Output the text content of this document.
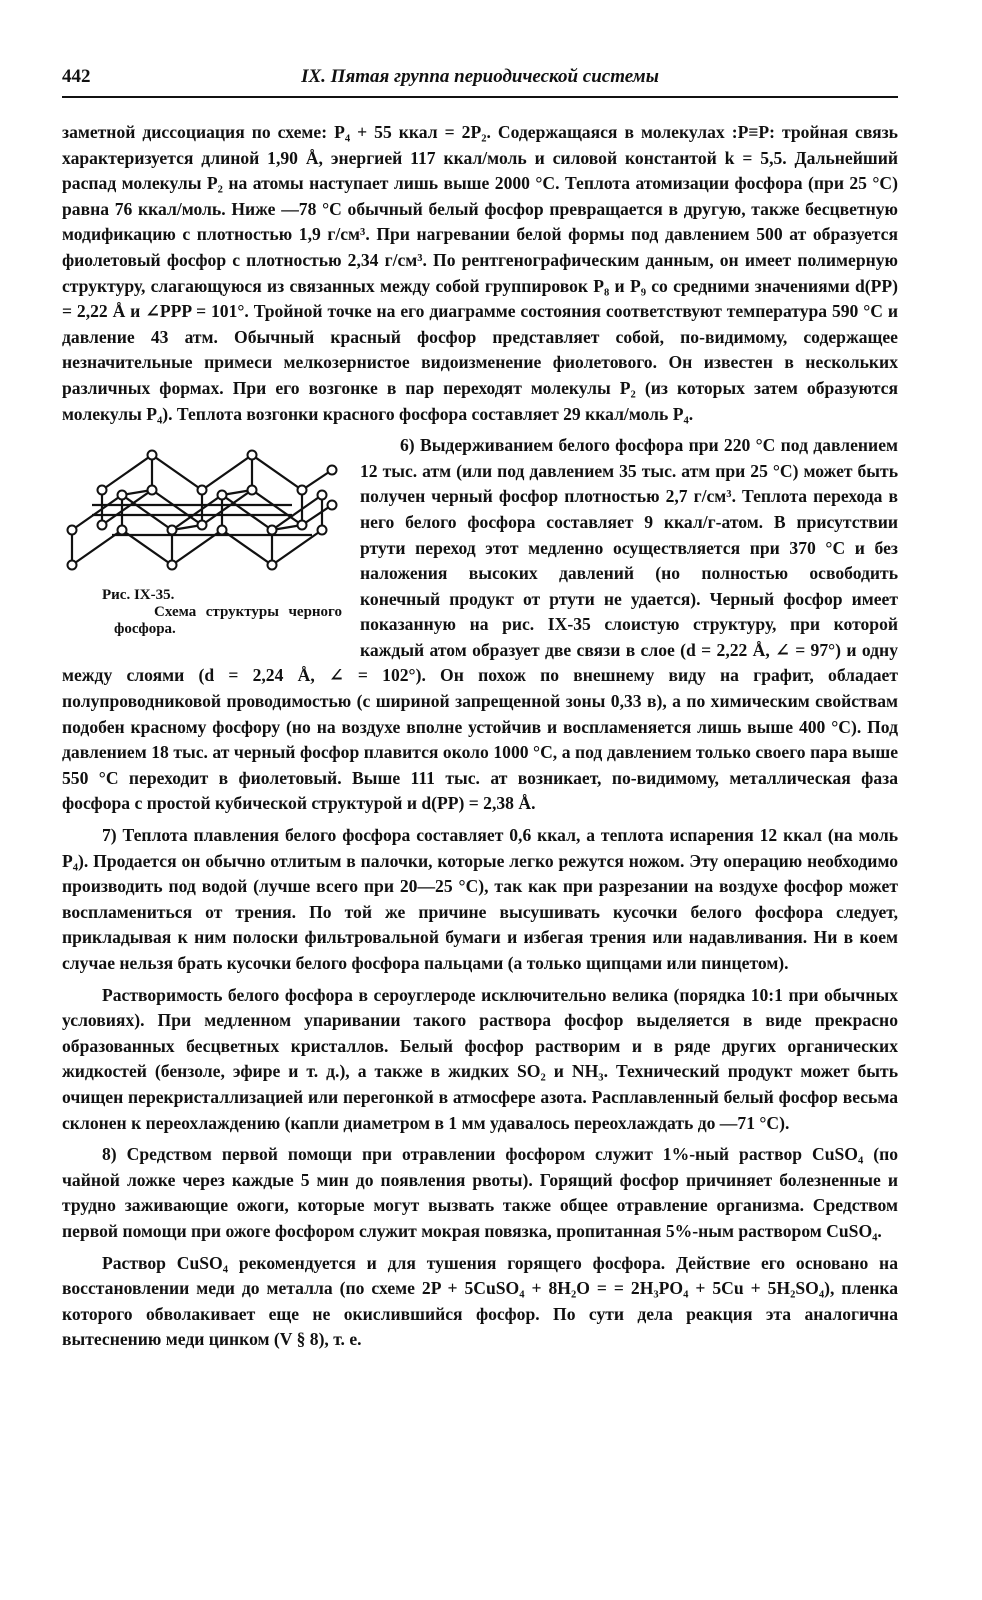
442	IX. Пятая группа периодической системы

заметной диссоциация по схеме: P₄ + 55 ккал = 2P₂. Содержащаяся в молекулах :P≡P: тройная связь характеризуется длиной 1,90 Å, энергией 117 ккал/моль и силовой константой k = 5,5. Дальнейший распад молекулы P₂ на атомы наступает лишь выше 2000 °C. Теплота атомизации фосфора (при 25 °C) равна 76 ккал/моль. Ниже —78 °C обычный белый фосфор превращается в другую, также бесцветную модификацию с плотностью 1,9 г/см³. При нагревании белой формы под давлением 500 ат образуется фиолетовый фосфор с плотностью 2,34 г/см³. По рентгенографическим данным, он имеет полимерную структуру, слагающуюся из связанных между собой группировок P₈ и P₉ со средними значениями d(PP) = 2,22 Å и ∠PPP = 101°. Тройной точке на его диаграмме состояния соответствуют температура 590 °C и давление 43 атм. Обычный красный фосфор представляет собой, по-видимому, содержащее незначительные примеси мелкозернистое видоизменение фиолетового. Он известен в нескольких различных формах. При его возгонке в пар переходят молекулы P₂ (из которых затем образуются молекулы P₄). Теплота возгонки красного фосфора составляет 29 ккал/моль P₄.

Рис. IX-35.
Схема структуры черного фосфора.
6) Выдерживанием белого фосфора при 220 °C под давлением 12 тыс. атм (или под давлением 35 тыс. атм при 25 °C) может быть получен черный фосфор плотностью 2,7 г/см³. Теплота перехода в него белого фосфора составляет 9 ккал/г-атом. В присутствии ртути переход этот медленно осуществляется при 370 °C и без наложения высоких давлений (но полностью освободить конечный продукт от ртути не удается). Черный фосфор имеет показанную на рис. IX-35 слоистую структуру, при которой каждый атом образует две связи в слое (d = 2,22 Å, ∠ = 97°) и одну между слоями (d = 2,24 Å, ∠ = 102°). Он похож по внешнему виду на графит, обладает полупроводниковой проводимостью (с шириной запрещенной зоны 0,33 в), а по химическим свойствам подобен красному фосфору (но на воздухе вполне устойчив и воспламеняется лишь выше 400 °C). Под давлением 18 тыс. ат черный фосфор плавится около 1000 °C, а под давлением только своего пара выше 550 °C переходит в фиолетовый. Выше 111 тыс. ат возникает, по-видимому, металлическая фаза фосфора с простой кубической структурой и d(PP) = 2,38 Å.

7) Теплота плавления белого фосфора составляет 0,6 ккал, а теплота испарения 12 ккал (на моль P₄). Продается он обычно отлитым в палочки, которые легко режутся ножом. Эту операцию необходимо производить под водой (лучше всего при 20—25 °C), так как при разрезании на воздухе фосфор может воспламениться от трения. По той же причине высушивать кусочки белого фосфора следует, прикладывая к ним полоски фильтровальной бумаги и избегая трения или надавливания. Ни в коем случае нельзя брать кусочки белого фосфора пальцами (а только щипцами или пинцетом).

Растворимость белого фосфора в сероуглероде исключительно велика (порядка 10:1 при обычных условиях). При медленном упаривании такого раствора фосфор выделяется в виде прекрасно образованных бесцветных кристаллов. Белый фосфор растворим и в ряде других органических жидкостей (бензоле, эфире и т. д.), а также в жидких SO₂ и NH₃. Технический продукт может быть очищен перекристаллизацией или перегонкой в атмосфере азота. Расплавленный белый фосфор весьма склонен к переохлаждению (капли диаметром в 1 мм удавалось переохлаждать до —71 °C).

8) Средством первой помощи при отравлении фосфором служит 1%-ный раствор CuSO₄ (по чайной ложке через каждые 5 мин до появления рвоты). Горящий фосфор причиняет болезненные и трудно заживающие ожоги, которые могут вызвать также общее отравление организма. Средством первой помощи при ожоге фосфором служит мокрая повязка, пропитанная 5%-ным раствором CuSO₄.

Раствор CuSO₄ рекомендуется и для тушения горящего фосфора. Действие его основано на восстановлении меди до металла (по схеме 2P + 5CuSO₄ + 8H₂O = = 2H₃PO₄ + 5Cu + 5H₂SO₄), пленка которого обволакивает еще не окислившийся фосфор. По сути дела реакция эта аналогична вытеснению меди цинком (V § 8), т. е.
